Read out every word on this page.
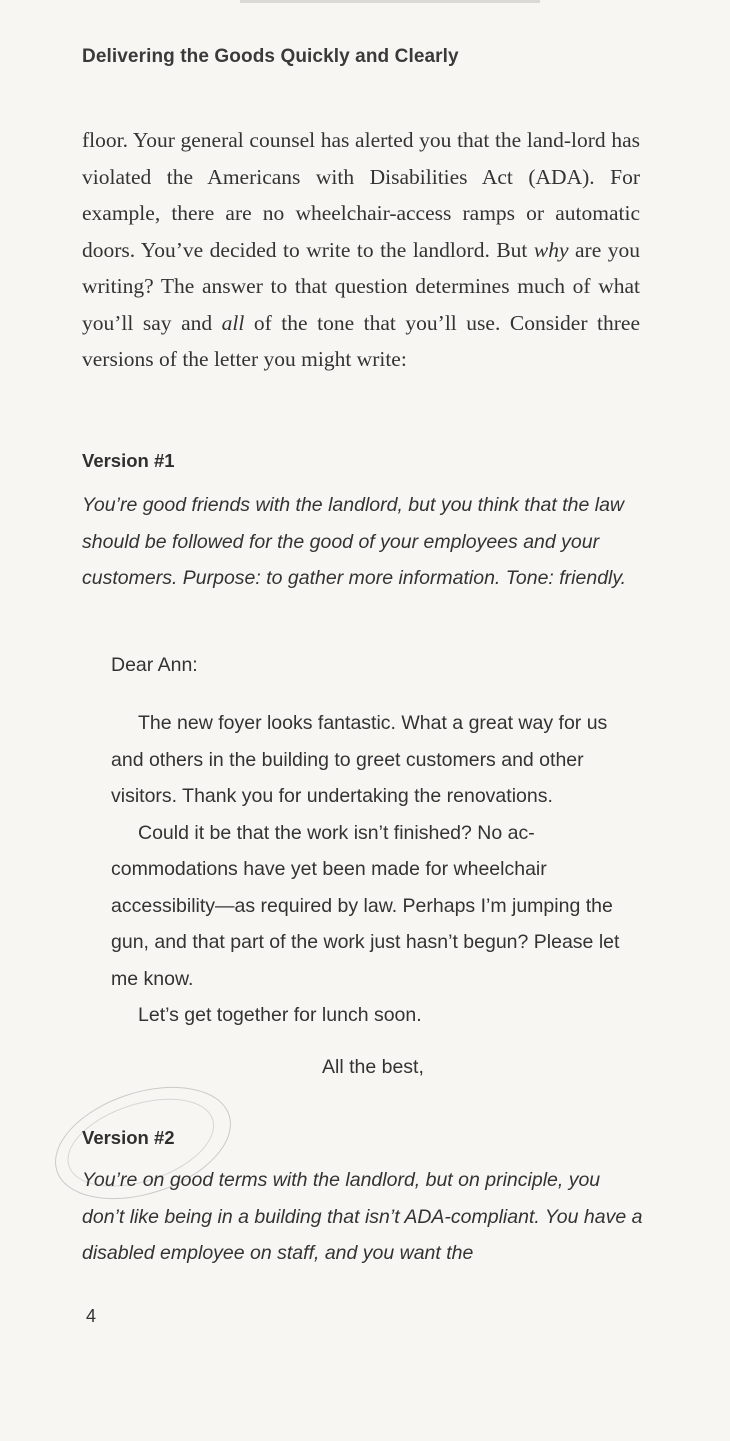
Delivering the Goods Quickly and Clearly

floor. Your general counsel has alerted you that the land-lord has violated the Americans with Disabilities Act (ADA). For example, there are no wheelchair-access ramps or automatic doors. You’ve decided to write to the landlord. But why are you writing? The answer to that question determines much of what you’ll say and all of the tone that you’ll use. Consider three versions of the letter you might write:

Version #1

You’re good friends with the landlord, but you think that the law should be followed for the good of your employees and your customers. Purpose: to gather more information. Tone: friendly.

Dear Ann:

The new foyer looks fantastic. What a great way for us and others in the building to greet customers and other visitors. Thank you for undertaking the renovations.

Could it be that the work isn’t finished? No ac-commodations have yet been made for wheelchair accessibility—as required by law. Perhaps I’m jumping the gun, and that part of the work just hasn’t begun? Please let me know.

Let’s get together for lunch soon.

All the best,
Version #2

You’re on good terms with the landlord, but on principle, you don’t like being in a building that isn’t ADA-compliant. You have a disabled employee on staff, and you want the

4
